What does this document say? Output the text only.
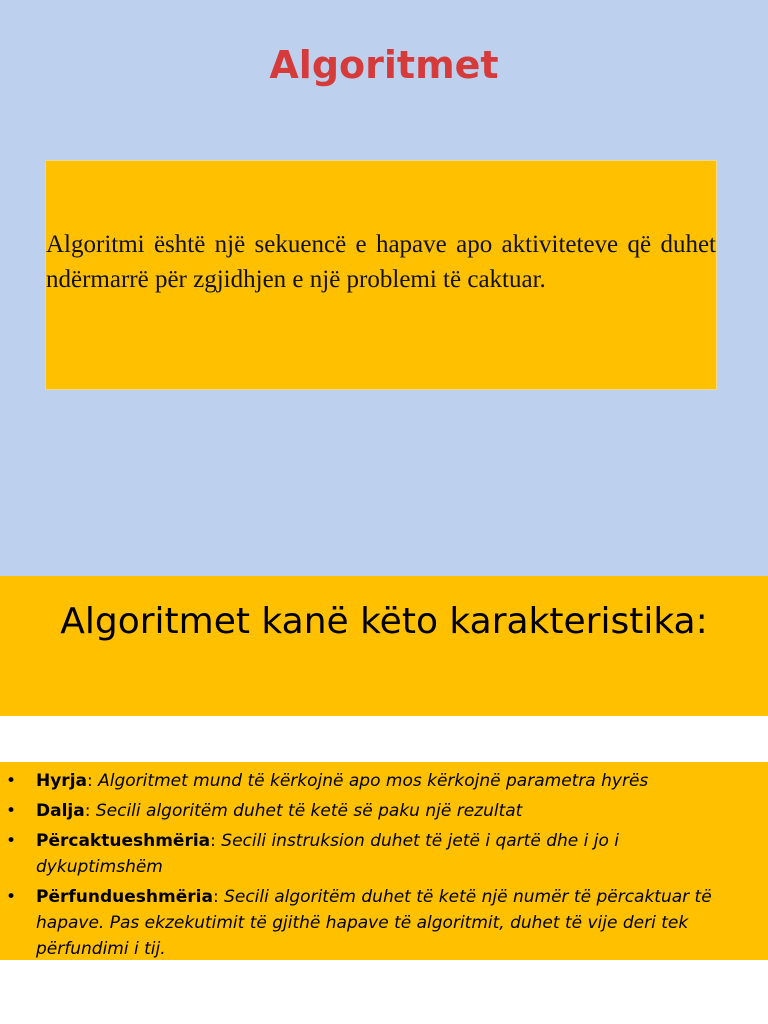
Algoritmet

Algoritmi është një sekuencë e hapave apo aktiviteteve që duhet ndërmarrë për zgjidhjen e një problemi të caktuar.

Algoritmet kanë këto karakteristika:
• Hyrja: Algoritmet mund të kërkojnë apo mos kërkojnë parametra hyrës
• Dalja: Secili algoritëm duhet të ketë së paku një rezultat
• Përcaktueshmëria: Secili instruksion duhet të jetë i qartë dhe i jo i dykuptimshëm
• Përfundueshmëria: Secili algoritëm duhet të ketë një numër të përcaktuar të hapave. Pas ekzekutimit të gjithë hapave të algoritmit, duhet të vije deri tek përfundimi i tij.
